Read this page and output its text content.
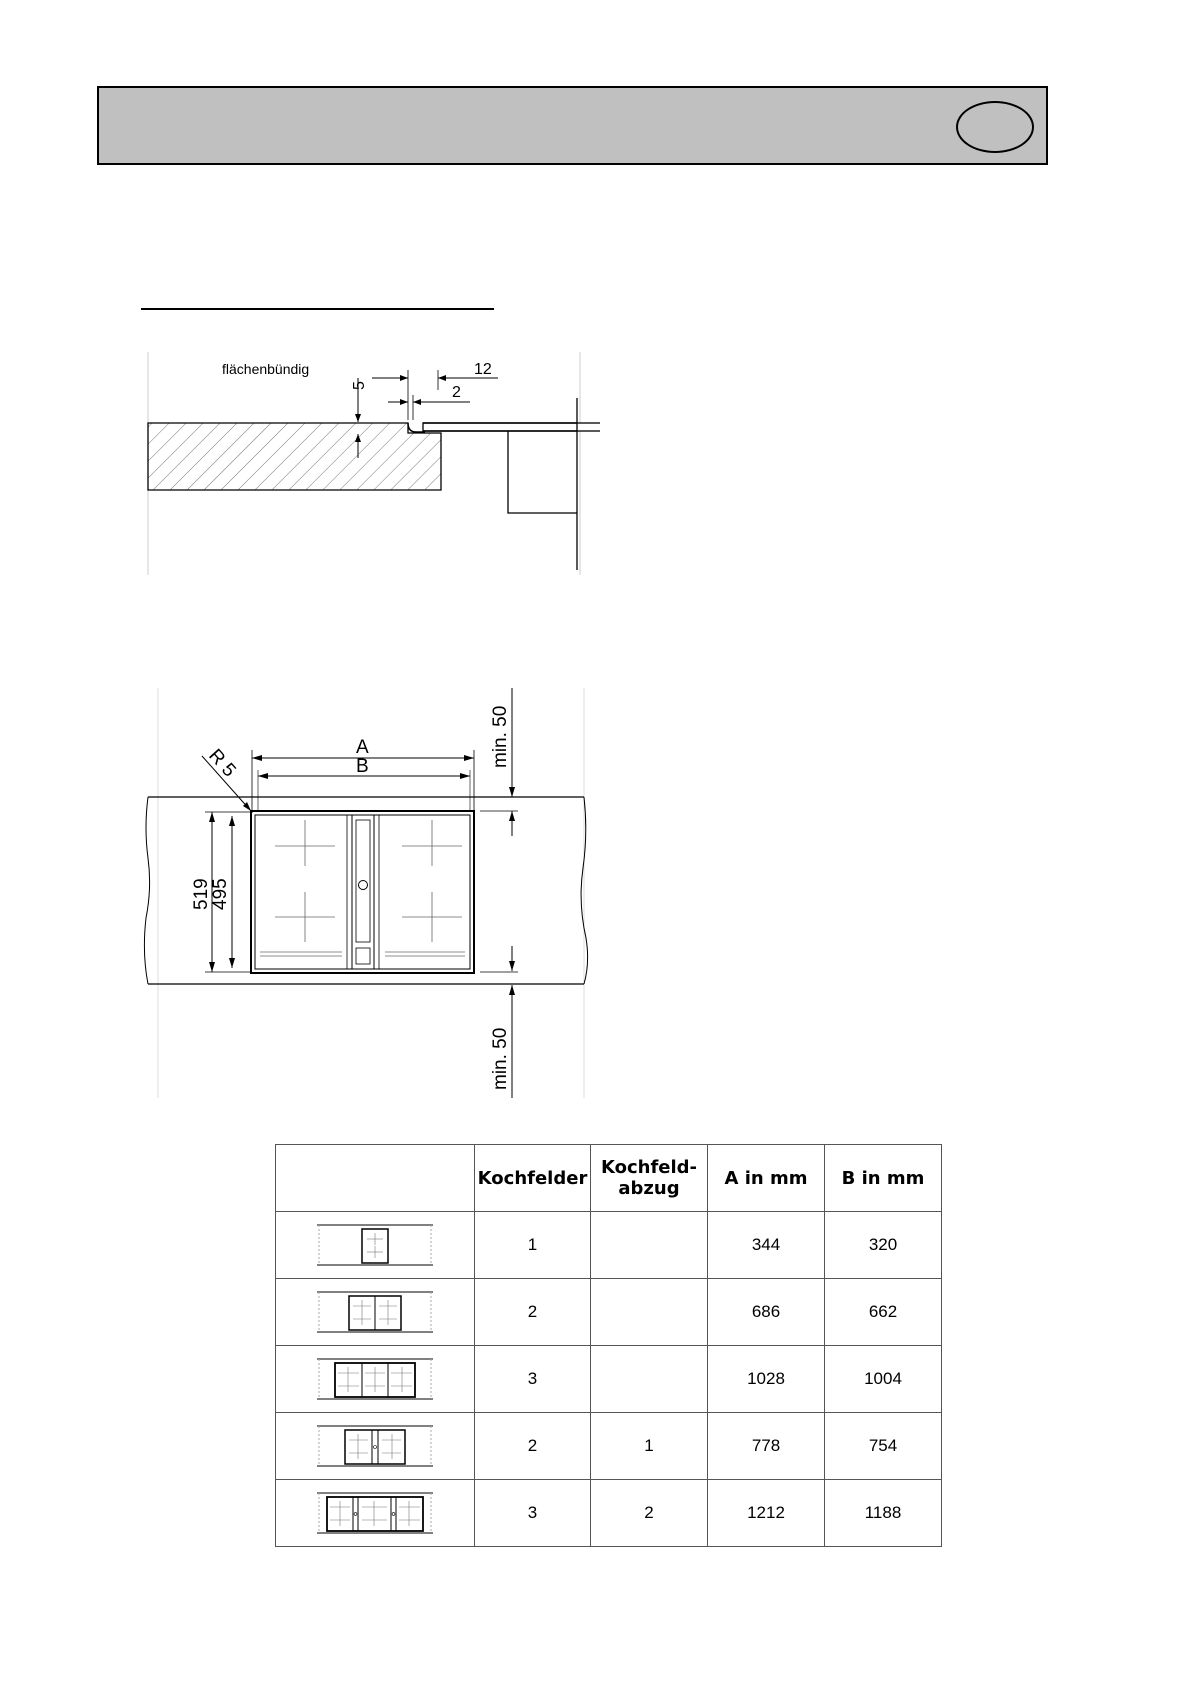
5
12
2
flächenbündig
A
B
R 5
519
495
min. 50
min. 50
	Kochfelder	Kochfeld-
abzug	A in mm	B in mm

	1		344	320

	2		686	662

	3		1028	1004

	2	1	778	754

	3	2	1212	1188
